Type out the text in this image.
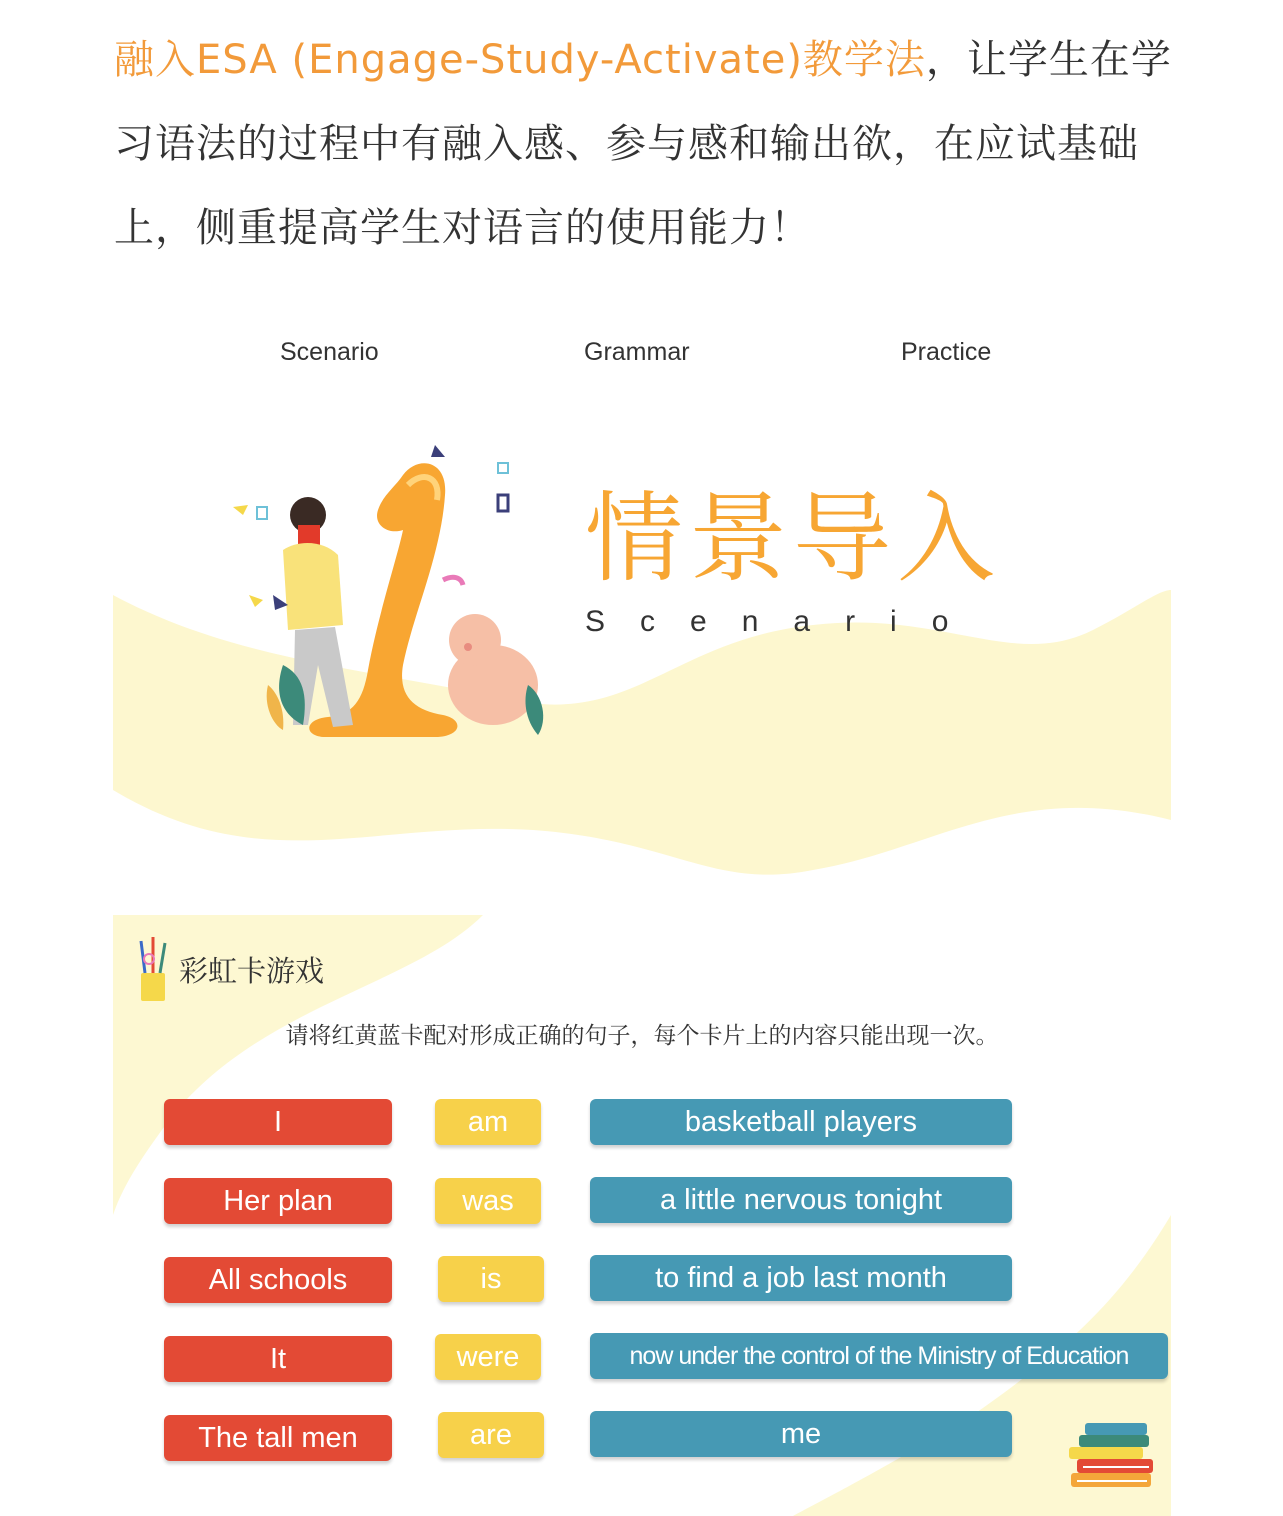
融入ESA (Engage-Study-Activate)教学法，让学生在学习语法的过程中有融入感、参与感和输出欲，在应试基础上，侧重提高学生对语言的使用能力！

Scenario	Grammar	Practice
情景导入
Scenario
彩虹卡游戏
请将红黄蓝卡配对形成正确的句子，每个卡片上的内容只能出现一次。
I
Her plan
All schools
It
The tall men
am
was
is
were
are
basketball players
a little nervous tonight
to find a job last month
now under the control of the Ministry of Education
me
